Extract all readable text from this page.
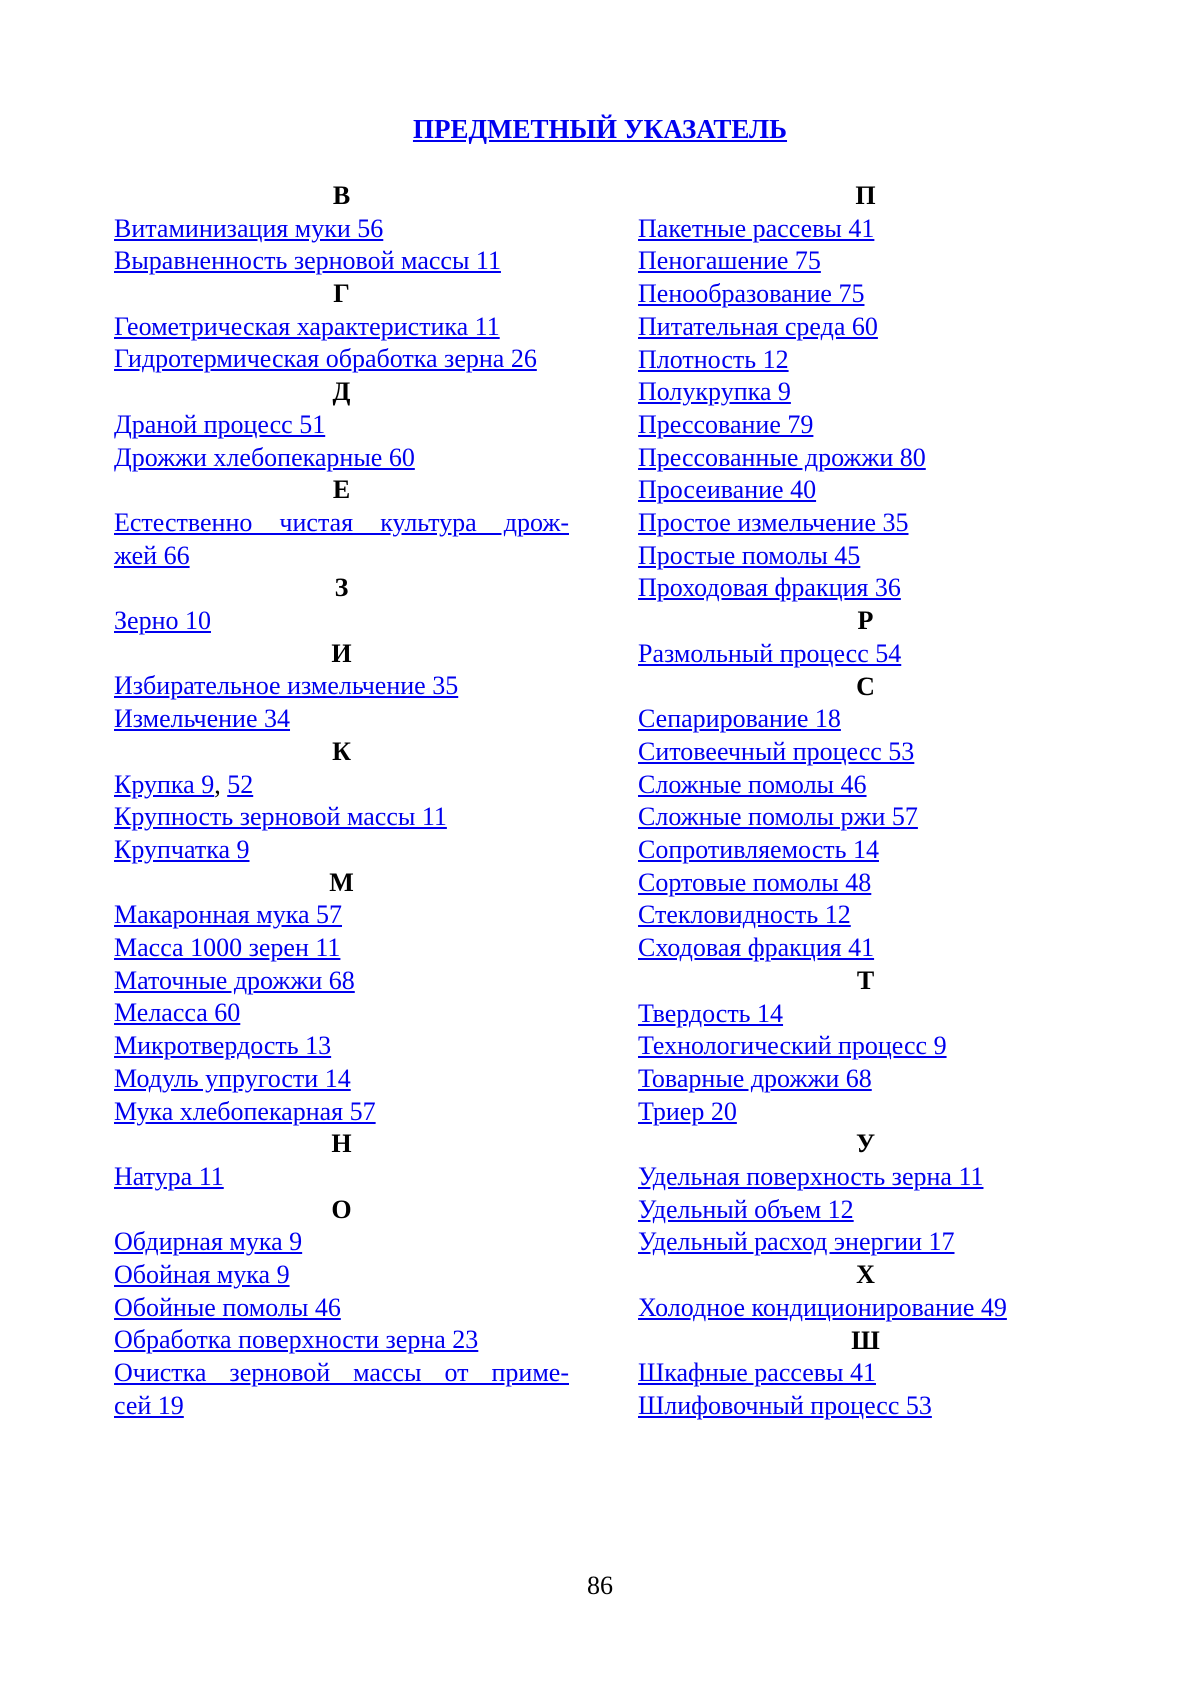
ПРЕДМЕТНЫЙ УКАЗАТЕЛЬ
В
Витаминизация муки 56
Выравненность зерновой массы 11
Г
Геометрическая характеристика 11
Гидротермическая обработка зерна 26
Д
Драной процесс 51
Дрожжи хлебопекарные 60
Е
Естественно чистая культура дрож-
жей 66
З
Зерно 10
И
Избирательное измельчение 35
Измельчение 34
К
Крупка 9, 52
Крупность зерновой массы 11
Крупчатка 9
М
Макаронная мука 57
Масса 1000 зерен 11
Маточные дрожжи 68
Меласса 60
Микротвердость 13
Модуль упругости 14
Мука хлебопекарная 57
Н
Натура 11
О
Обдирная мука 9
Обойная мука 9
Обойные помолы 46
Обработка поверхности зерна 23
Очистка зерновой массы от приме-
сей 19
П
Пакетные рассевы 41
Пеногашение 75
Пенообразование 75
Питательная среда 60
Плотность 12
Полукрупка 9
Прессование 79
Прессованные дрожжи 80
Просеивание 40
Простое измельчение 35
Простые помолы 45
Проходовая фракция 36
Р
Размольный процесс 54
С
Сепарирование 18
Ситовеечный процесс 53
Сложные помолы 46
Сложные помолы ржи 57
Сопротивляемость 14
Сортовые помолы 48
Стекловидность 12
Сходовая фракция 41
Т
Твердость 14
Технологический процесс 9
Товарные дрожжи 68
Триер 20
У
Удельная поверхность зерна 11
Удельный объем 12
Удельный расход энергии 17
Х
Холодное кондиционирование 49
Ш
Шкафные рассевы 41
Шлифовочный процесс 53
86
